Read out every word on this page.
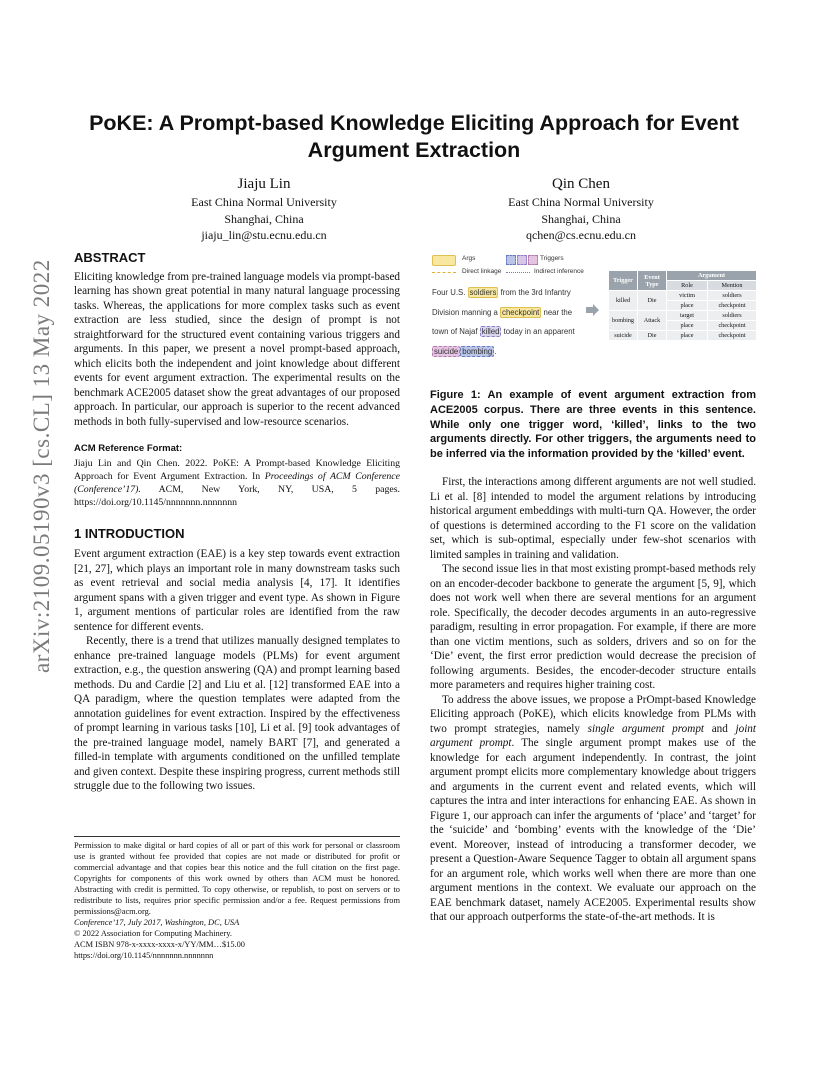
PoKE: A Prompt-based Knowledge Eliciting Approach for Event Argument Extraction
Jiaju Lin
East China Normal University
Shanghai, China
jiaju_lin@stu.ecnu.edu.cn
Qin Chen
East China Normal University
Shanghai, China
qchen@cs.ecnu.edu.cn
arXiv:2109.05190v3 [cs.CL] 13 May 2022
ABSTRACT

Eliciting knowledge from pre-trained language models via prompt-based learning has shown great potential in many natural language processing tasks. Whereas, the applications for more complex tasks such as event extraction are less studied, since the design of prompt is not straightforward for the structured event containing various triggers and arguments. In this paper, we present a novel prompt-based approach, which elicits both the independent and joint knowledge about different events for event argument extraction. The experimental results on the benchmark ACE2005 dataset show the great advantages of our proposed approach. In particular, our approach is superior to the recent advanced methods in both fully-supervised and low-resource scenarios.

ACM Reference Format:
Jiaju Lin and Qin Chen. 2022. PoKE: A Prompt-based Knowledge Eliciting Approach for Event Argument Extraction. In Proceedings of ACM Conference (Conference’17). ACM, New York, NY, USA, 5 pages. https://doi.org/10.1145/nnnnnnn.nnnnnnn
1 INTRODUCTION

Event argument extraction (EAE) is a key step towards event extraction [21, 27], which plays an important role in many downstream tasks such as event retrieval and social media analysis [4, 17]. It identifies argument spans with a given trigger and event type. As shown in Figure 1, argument mentions of particular roles are identified from the raw sentence for different events.

Recently, there is a trend that utilizes manually designed templates to enhance pre-trained language models (PLMs) for event argument extraction, e.g., the question answering (QA) and prompt learning based methods. Du and Cardie [2] and Liu et al. [12] transformed EAE into a QA paradigm, where the question templates were adapted from the annotation guidelines for event extraction. Inspired by the effectiveness of prompt learning in various tasks [10], Li et al. [9] took advantages of the pre-trained language model, namely BART [7], and generated a filled-in template with arguments conditioned on the unfilled template and given context. Despite these inspiring progress, current methods still struggle due to the following two issues.

Permission to make digital or hard copies of all or part of this work for personal or classroom use is granted without fee provided that copies are not made or distributed for profit or commercial advantage and that copies bear this notice and the full citation on the first page. Copyrights for components of this work owned by others than ACM must be honored. Abstracting with credit is permitted. To copy otherwise, or republish, to post on servers or to redistribute to lists, requires prior specific permission and/or a fee. Request permissions from permissions@acm.org.
Conference’17, July 2017, Washington, DC, USA
© 2022 Association for Computing Machinery.
ACM ISBN 978-x-xxxx-xxxx-x/YY/MM…$15.00
https://doi.org/10.1145/nnnnnnn.nnnnnnn
Args	Triggers
Direct linkage	Indirect inference
Four U.S. soldiers from the 3rd Infantry
Division manning a checkpoint near the
town of Najaf killed today in an apparent
suicide bombing .
Trigger	Event Type	Argument	
		Role	Mention
killed	Die	victim	soldiers
		place	checkpoint
bombing	Attack	target	soldiers
		place	checkpoint
suicide	Die	place	checkpoint
Figure 1: An example of event argument extraction from ACE2005 corpus. There are three events in this sentence. While only one trigger word, ‘killed’, links to the two arguments directly. For other triggers, the arguments need to be inferred via the information provided by the ‘killed’ event.

First, the interactions among different arguments are not well studied. Li et al. [8] intended to model the argument relations by introducing historical argument embeddings with multi-turn QA. However, the order of questions is determined according to the F1 score on the validation set, which is sub-optimal, especially under few-shot scenarios with limited samples in training and validation.

The second issue lies in that most existing prompt-based methods rely on an encoder-decoder backbone to generate the argument [5, 9], which does not work well when there are several mentions for an argument role. Specifically, the decoder decodes arguments in an auto-regressive paradigm, resulting in error propagation. For example, if there are more than one victim mentions, such as solders, drivers and so on for the ‘Die’ event, the first error prediction would decrease the precision of following arguments. Besides, the encoder-decoder structure entails more parameters and requires higher training cost.

To address the above issues, we propose a PrOmpt-based Knowledge Eliciting approach (PoKE), which elicits knowledge from PLMs with two prompt strategies, namely single argument prompt and joint argument prompt. The single argument prompt makes use of the knowledge for each argument independently. In contrast, the joint argument prompt elicits more complementary knowledge about triggers and arguments in the current event and related events, which will captures the intra and inter interactions for enhancing EAE. As shown in Figure 1, our approach can infer the arguments of ‘place’ and ‘target’ for the ‘suicide’ and ‘bombing’ events with the knowledge of the ‘Die’ event. Moreover, instead of introducing a transformer decoder, we present a Question-Aware Sequence Tagger to obtain all argument spans for an argument role, which works well when there are more than one argument mentions in the context. We evaluate our approach on the EAE benchmark dataset, namely ACE2005. Experimental results show that our approach outperforms the state-of-the-art methods. It is
